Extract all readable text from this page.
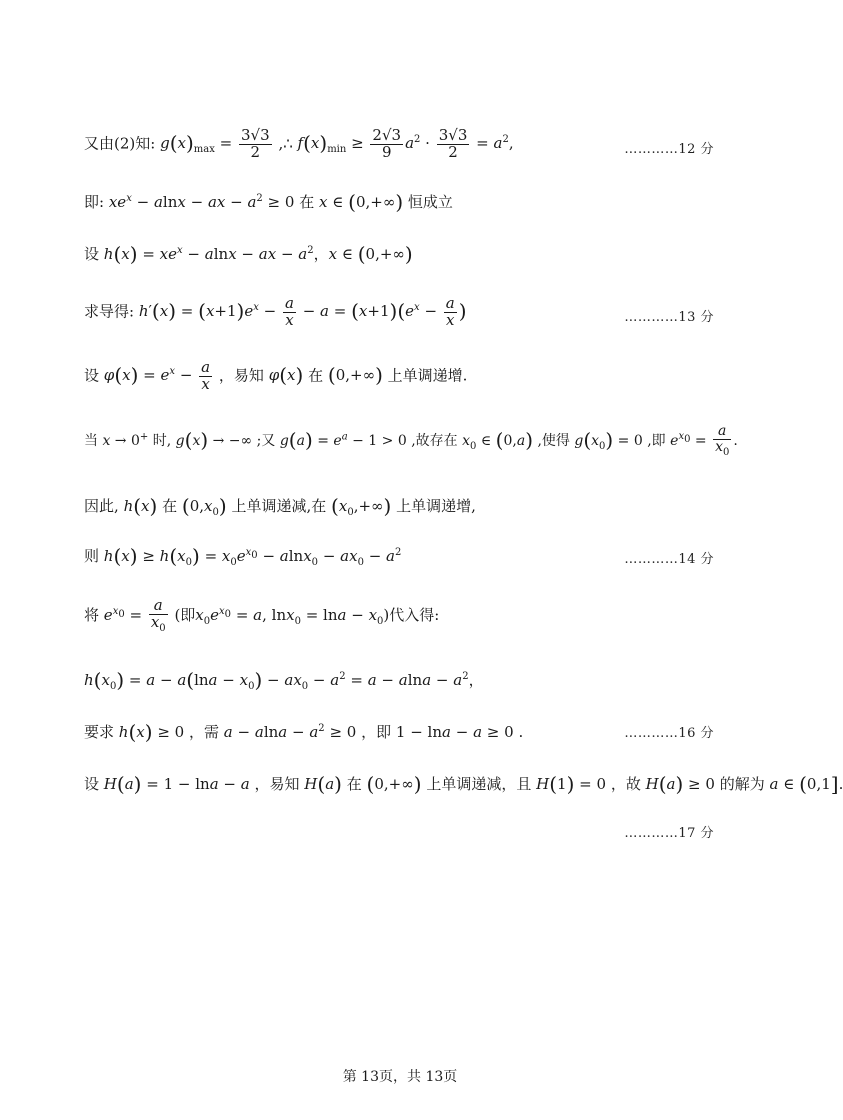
又由(2)知: $g(x)_{max} = \frac{3√3}{2}$ ,∴ $f(x)_{min} \ge \frac{2√3}{9} a^2 \cdot \frac{3√3}{2} = a^2$,	…………12 分
即: $xe^x - alnx$ − ax − $a^2 \ge 0$ 在 x ∈ (0,+∞) 恒成立
设 $h(x) = xe^x - alnx$ − ax − $a^2$，x ∈ (0,+∞)
求导得: $h'(x) = (x+1)e^x - \frac{a}{x} - a = (x+1)(e^x - \frac{a}{x}$ )	…………13 分
设 $\varphi(x) = e^x - \frac{a}{x}$ ，易知 φ(x) 在 (0,+∞) 上单调递增.
当 x → 0+ 时, g(x) → −∞ ;又 $g(a) = e^a - 1 > 0$ ,故存在 $x_0$ ∈ (0,a) ,使得 $g(x_0) = 0$ ,即 $e^{x_0} = \frac{a}{x_0}$ .
因此, h(x) 在 $(0,x_0)$ 上单调递减,在 $(x_0,+\infty)$ 上单调递增,
则 $h(x) \ge h(x_0) = x_0e^{x_0} - alnx_0 - ax_0 - a^2$	…………14 分
将 $e^{x_0} = \frac{a}{x_0}$ (即$x_0e^{x_0} = a$, $\ln x_0 = \ln a - x_0$)代入得:
$h(x_0) = a - a(\ln a - x_0) - ax_0 - a^2 = a - alna - a^2$，
要求 h(x) ≥ 0 ，需 $a - alna - a^2 \ge 0$ ，即 1 − lna − a ≥ 0 .	…………16 分
设 H(a) = 1 − lna − a ，易知 H(a) 在 (0,+∞) 上单调递减，且 H(1) = 0 ，故 H(a) ≥ 0 的解为 a ∈ (0,1].
…………17 分
第 13页，共 13页
